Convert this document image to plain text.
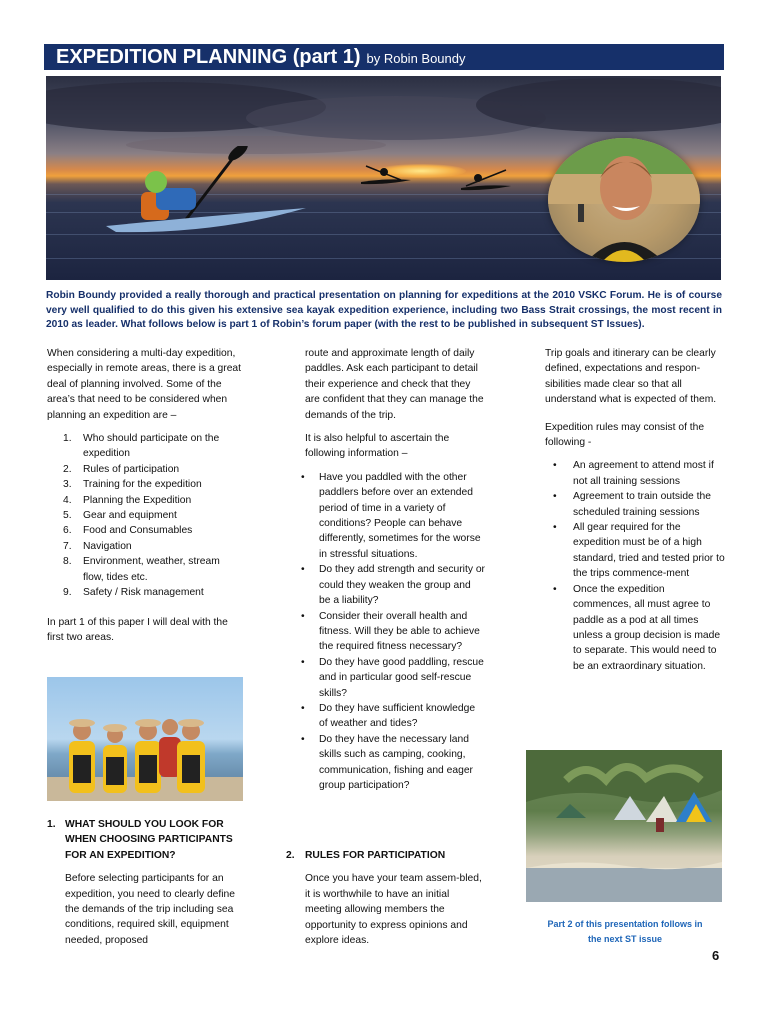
EXPEDITION PLANNING (part 1) by Robin Boundy

Robin Boundy provided a really thorough and practical presentation on planning for expeditions at the 2010 VSKC Forum. He is of course very well qualified to do this given his extensive sea kayak expedition experience, including two Bass Strait crossings, the most recent in 2010 as leader. What follows below is part 1 of Robin’s forum paper (with the rest to be published in subsequent ST Issues).

When considering a multi-day expedition, especially in remote areas, there is a great deal of planning involved. Some of the area’s that need to be considered when planning an expedition are –

1. Who should participate on the expedition
2. Rules of participation
3. Training for the expedition
4. Planning the Expedition
5. Gear and equipment
6. Food and Consumables
7. Navigation
8. Environment, weather, stream flow, tides etc.
9. Safety / Risk management

In part 1 of this paper I will deal with the first two areas.

1. WHAT SHOULD YOU LOOK FOR WHEN CHOOSING PARTICIPANTS FOR AN EXPEDITION?

Before selecting participants for an expedition, you need to clearly define the demands of the trip including sea conditions, required skill, equipment needed, proposed

route and approximate length of daily paddles. Ask each participant to detail their experience and check that they are confident that they can manage the demands of the trip.

It is also helpful to ascertain the following information –

• Have you paddled with the other paddlers before over an extended period of time in a variety of conditions? People can behave differently, sometimes for the worse in stressful situations.
• Do they add strength and security or could they weaken the group and be a liability?
• Consider their overall health and fitness. Will they be able to achieve the required fitness necessary?
• Do they have good paddling, rescue and in particular good self-rescue skills?
• Do they have sufficient knowledge of weather and tides?
• Do they have the necessary land skills such as camping, cooking, communication, fishing and eager group participation?
2. RULES FOR PARTICIPATION

Once you have your team assem-bled, it is worthwhile to have an initial meeting allowing members the opportunity to express opinions and explore ideas.

Trip goals and itinerary can be clearly defined, expectations and respon-sibilities made clear so that all understand what is expected of them.

Expedition rules may consist of the following -

• An agreement to attend most if not all training sessions
• Agreement to train outside the scheduled training sessions
• All gear required for the expedition must be of a high standard, tried and tested prior to the trips commence-ment
• Once the expedition commences, all must agree to paddle as a pod at all times unless a group decision is made to separate. This would need to be an extraordinary situation.

Part 2 of this presentation follows in the next ST issue

6
